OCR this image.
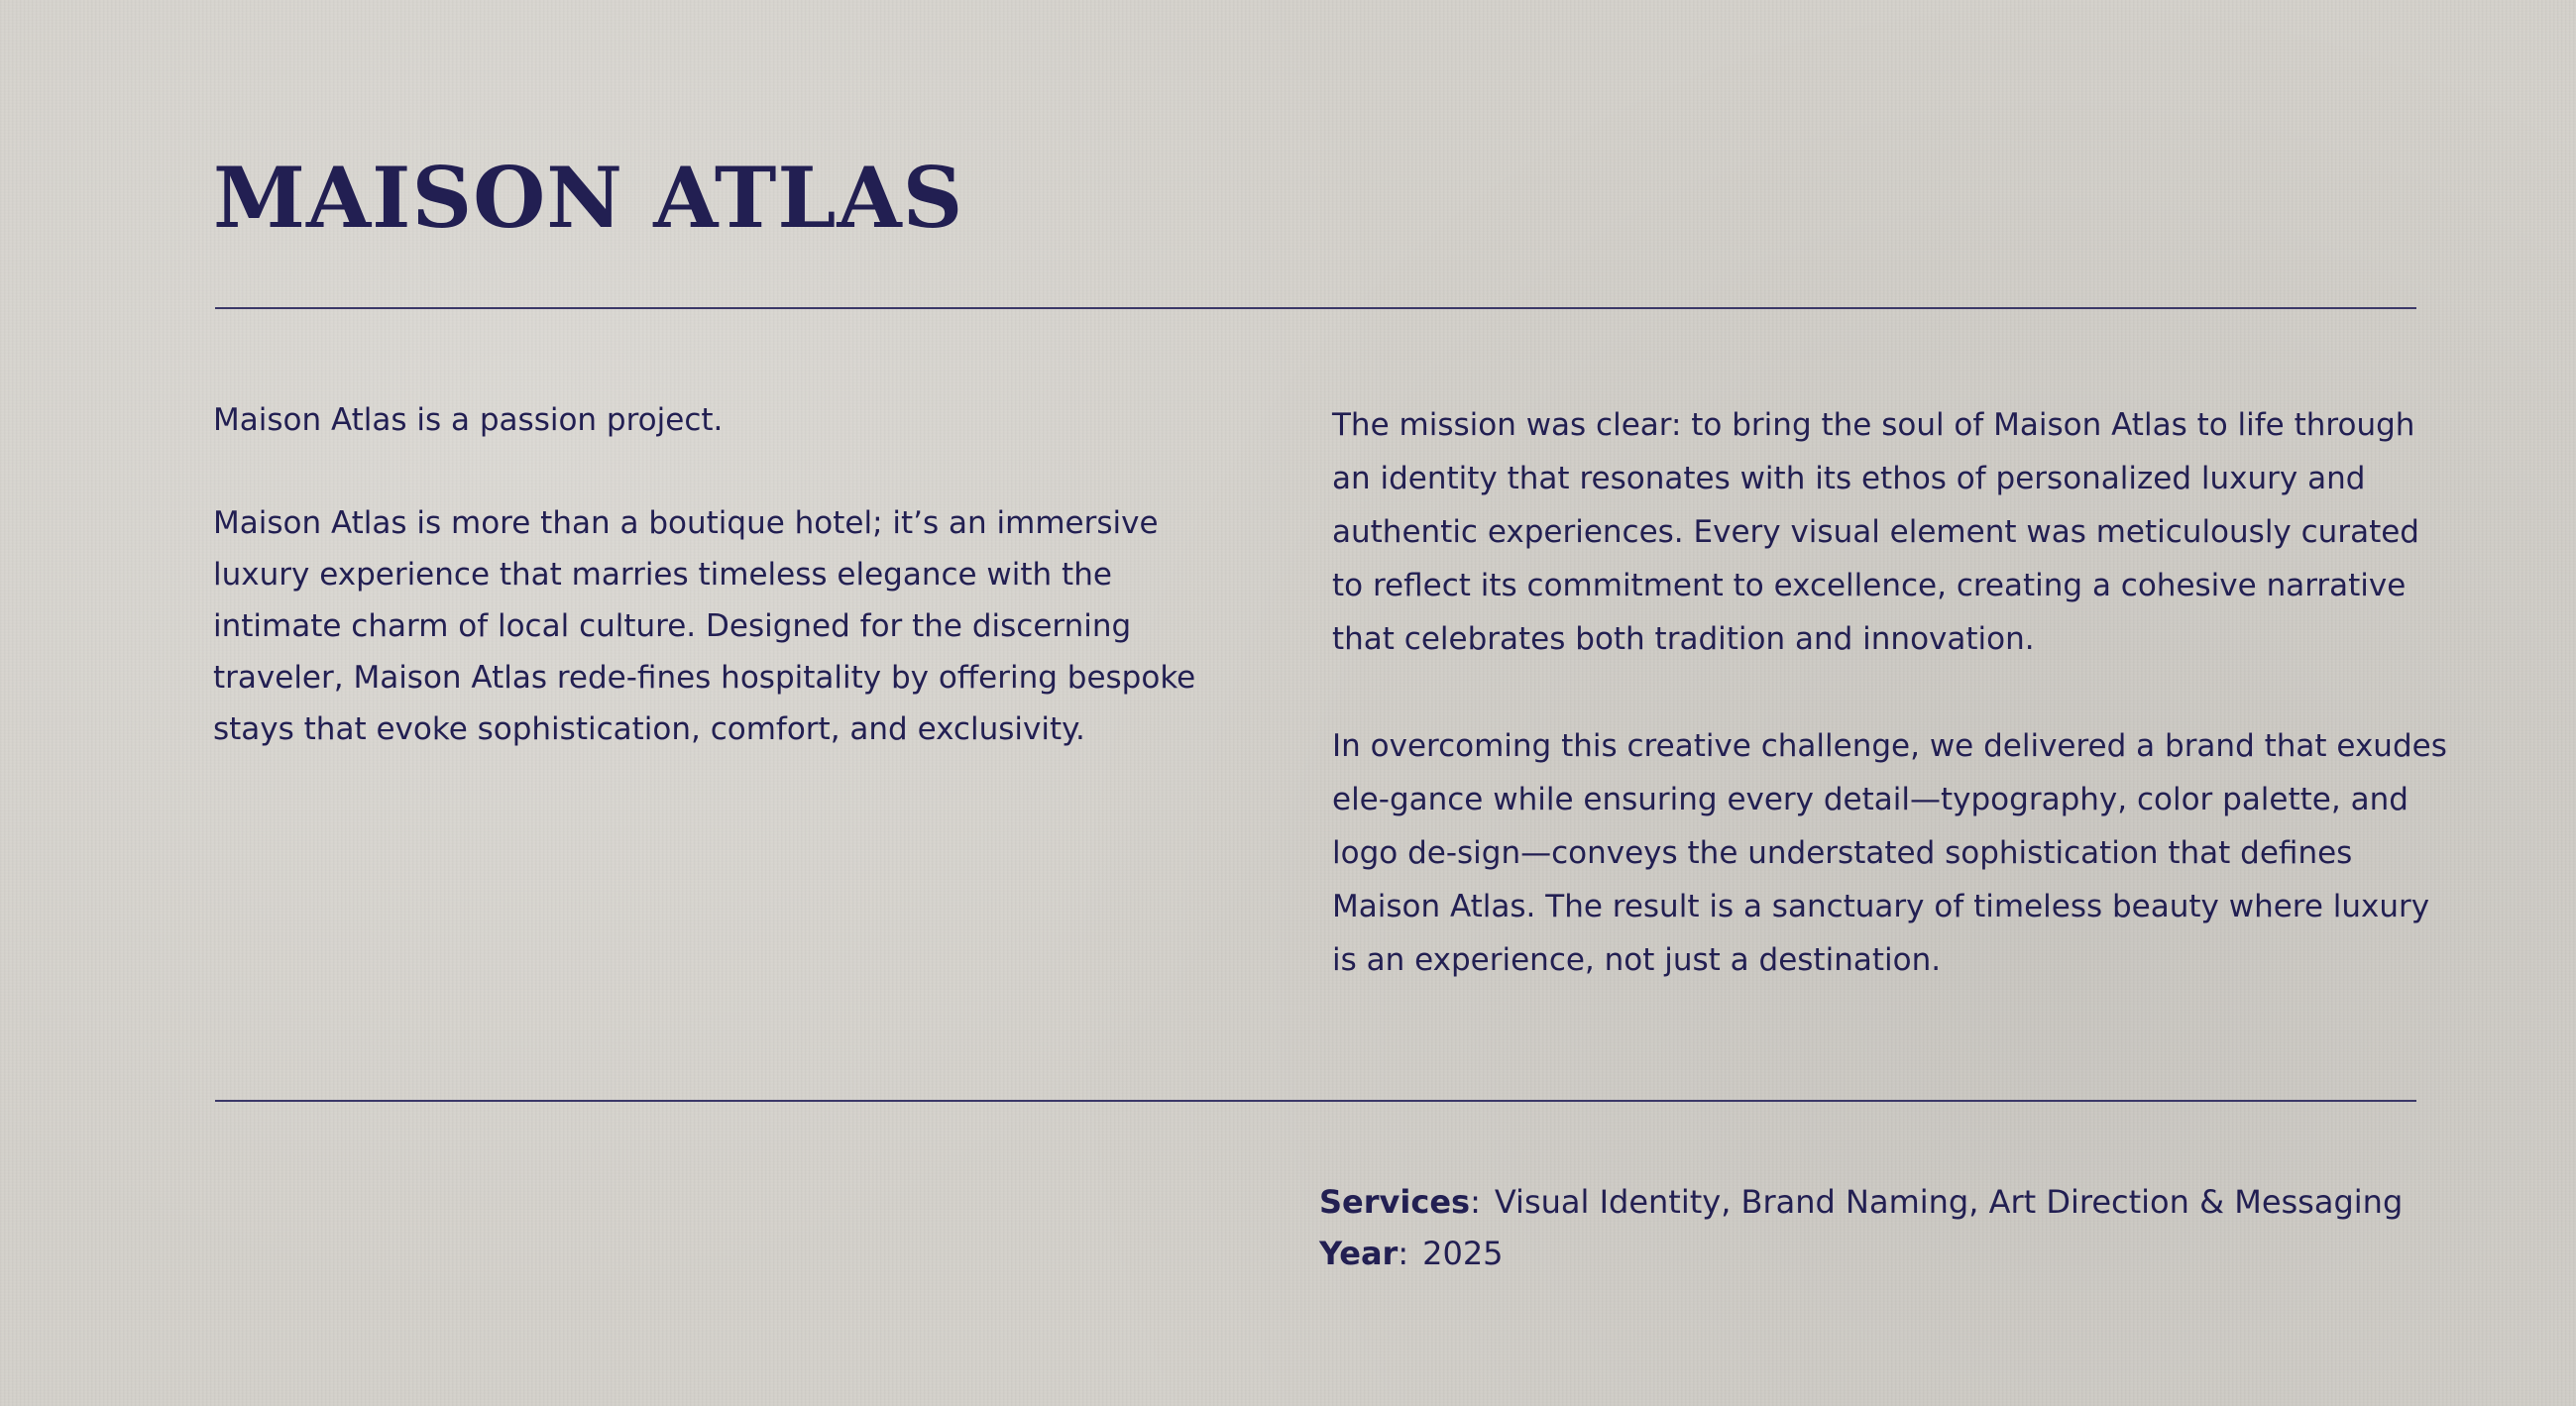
MAISON ATLAS

Maison Atlas is a passion project.

Maison Atlas is more than a boutique hotel; it’s an immersive luxury experience that marries timeless elegance with the intimate charm of local culture. Designed for the discerning traveler, Maison Atlas rede-fines hospitality by offering bespoke stays that evoke sophistication, comfort, and exclusivity.

The mission was clear: to bring the soul of Maison Atlas to life through an identity that resonates with its ethos of personalized luxury and authentic experiences. Every visual element was meticulously curated to reflect its commitment to excellence, creating a cohesive narrative that celebrates both tradition and innovation.

In overcoming this creative challenge, we delivered a brand that exudes ele-gance while ensuring every detail—typography, color palette, and logo de-sign—conveys the understated sophistication that defines Maison Atlas. The result is a sanctuary of timeless beauty where luxury is an experience, not just a destination.

Services: Visual Identity, Brand Naming, Art Direction & Messaging
Year: 2025
